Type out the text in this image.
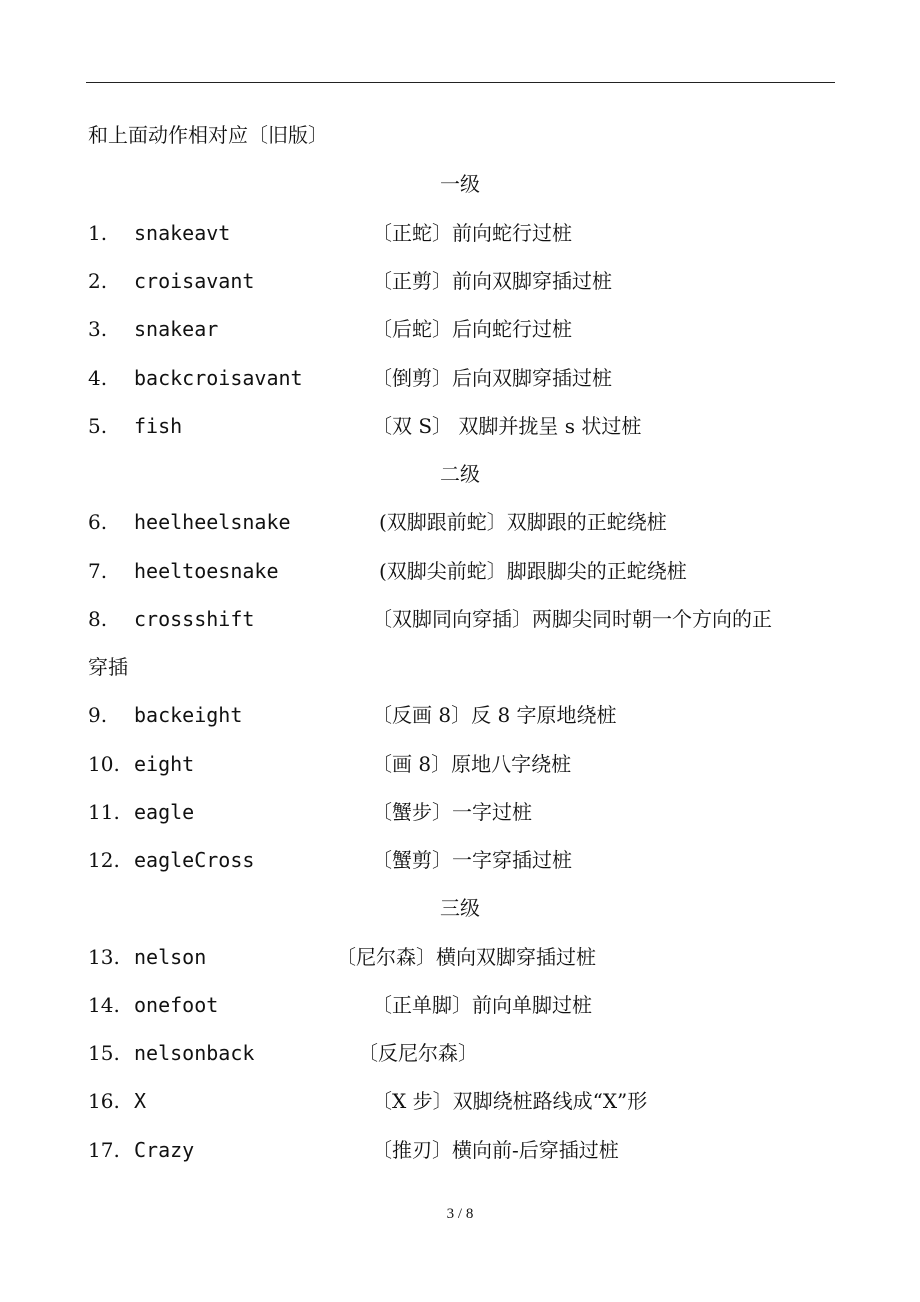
和上面动作相对应〔旧版〕
一级
1. snakeavt	〔正蛇〕前向蛇行过桩
2. croisavant	〔正剪〕前向双脚穿插过桩
3. snakear	〔后蛇〕后向蛇行过桩
4. backcroisavant	〔倒剪〕后向双脚穿插过桩
5. fish	〔双 S〕 双脚并拢呈 s 状过桩
二级
6. heelheelsnake	(双脚跟前蛇〕双脚跟的正蛇绕桩
7. heeltoesnake	(双脚尖前蛇〕脚跟脚尖的正蛇绕桩
8. crossshift	〔双脚同向穿插〕两脚尖同时朝一个方向的正
穿插
9. backeight	〔反画 8〕反 8 字原地绕桩
10. eight	〔画 8〕原地八字绕桩
11. eagle	〔蟹步〕一字过桩
12. eagleCross	〔蟹剪〕一字穿插过桩
三级
13. nelson	〔尼尔森〕横向双脚穿插过桩
14. onefoot	〔正单脚〕前向单脚过桩
15. nelsonback	〔反尼尔森〕
16. X	〔X 步〕双脚绕桩路线成“X”形
17. Crazy	〔推刃〕横向前-后穿插过桩
3 / 8
